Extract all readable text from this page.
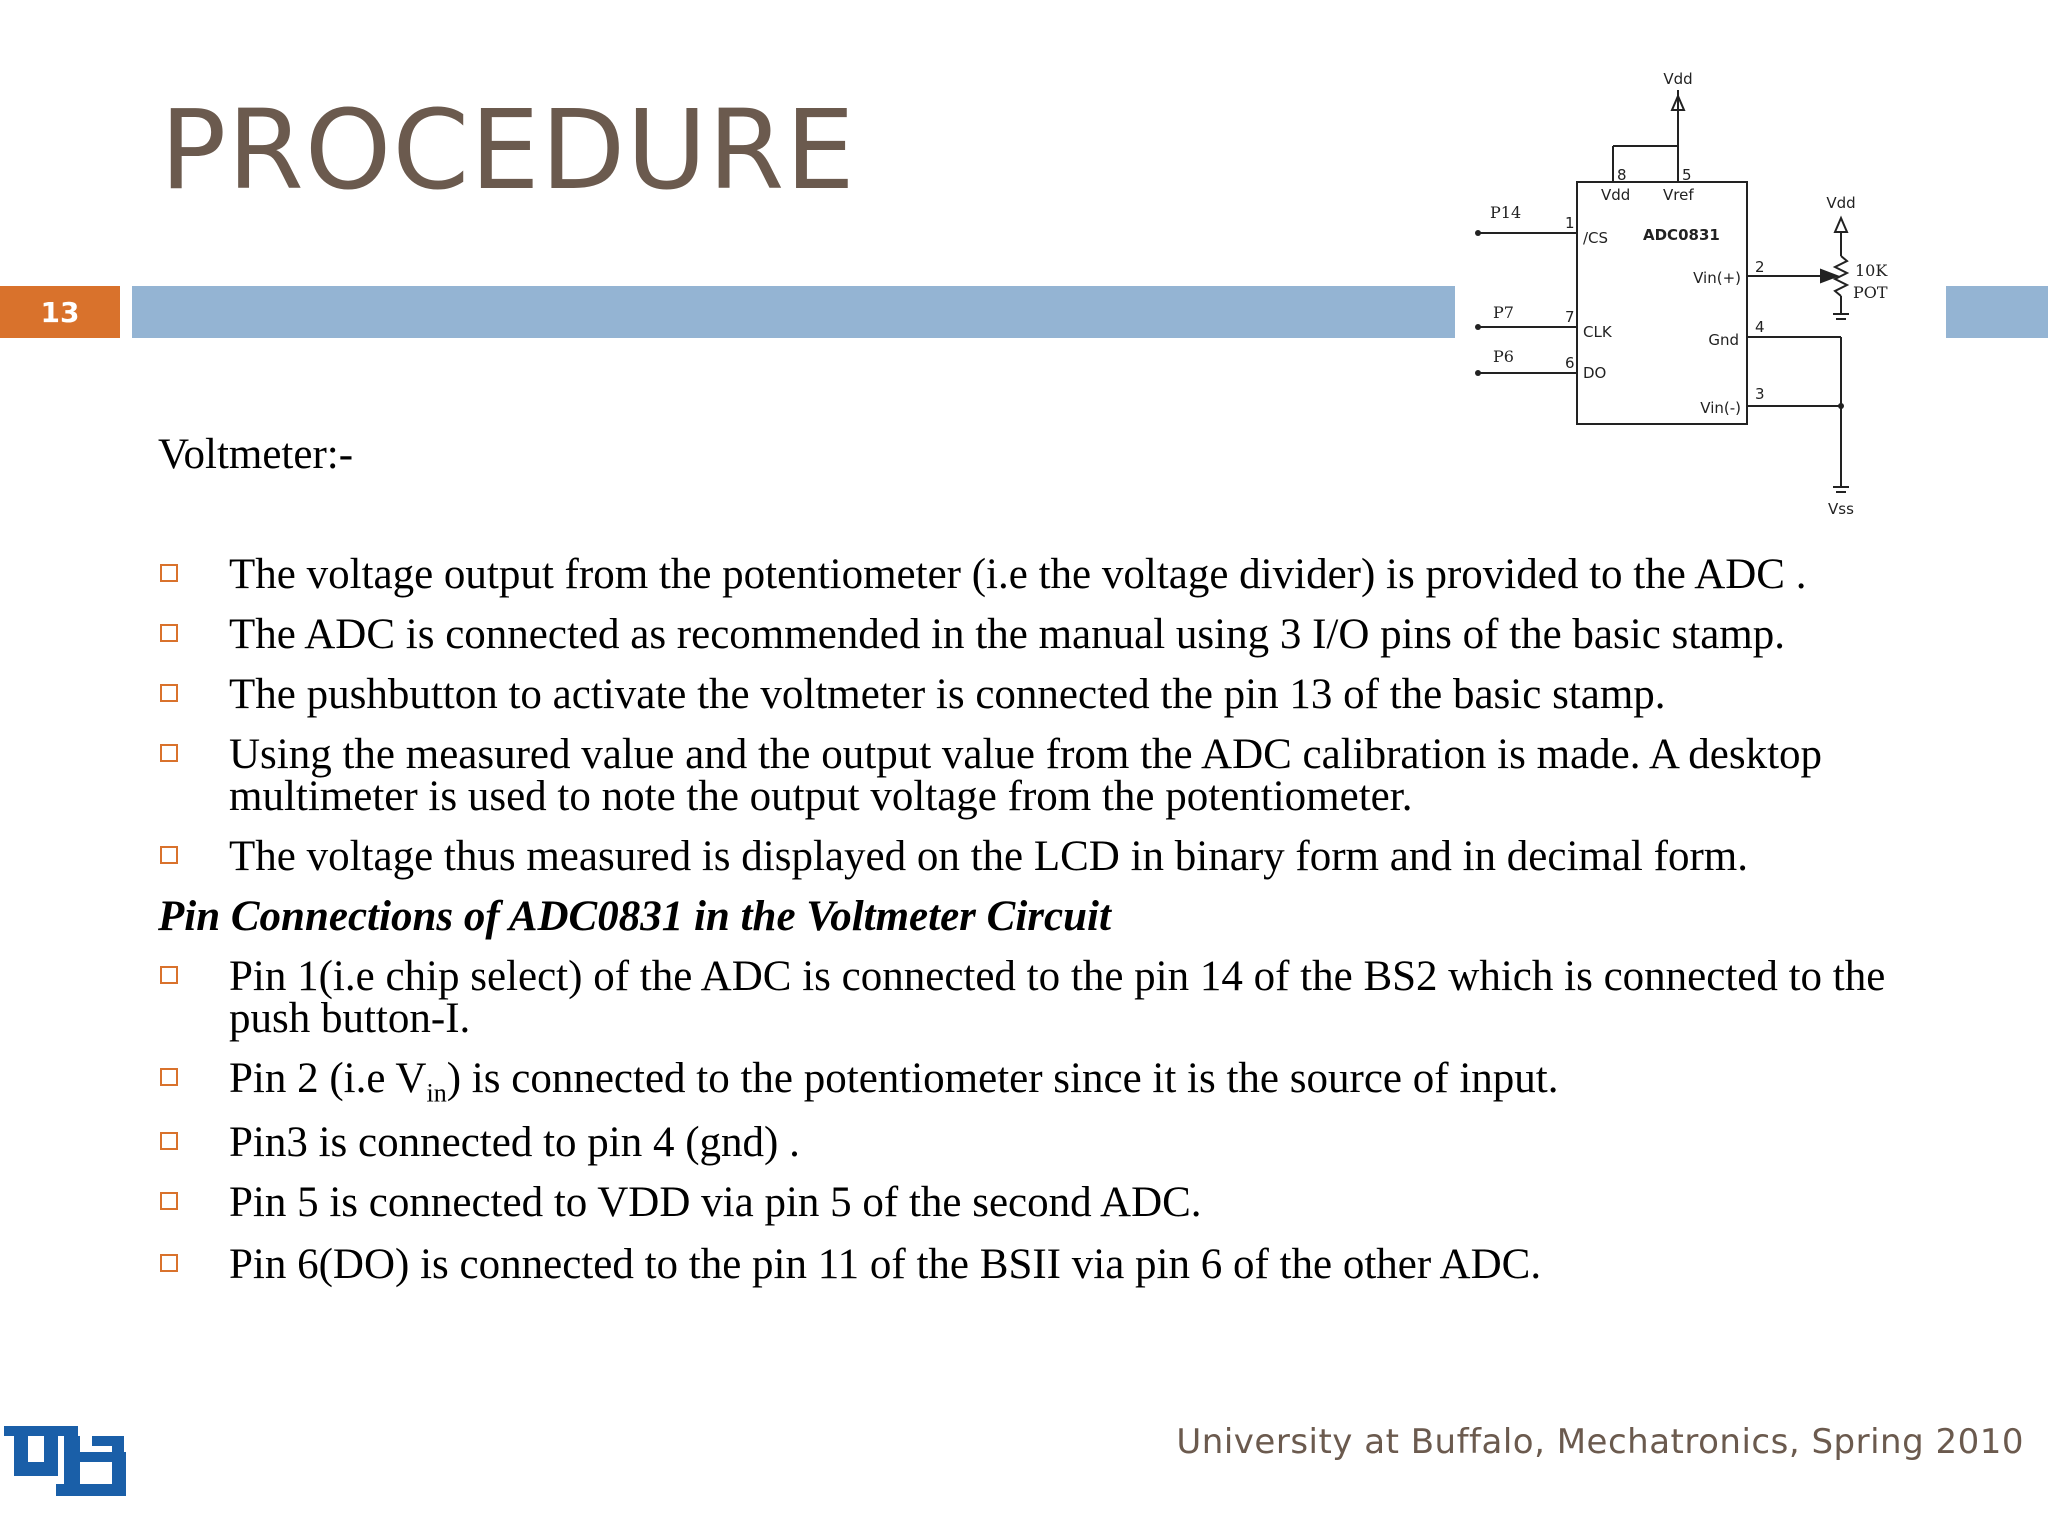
PROCEDURE
13
Vdd
8	5
Vdd Vref
ADC0831
/CS
CLK
DO
Vin(+)
Gnd
Vin(-)
1
7
6
2
4
3
Vdd
Vss
P14
P7
P6
10K
POT
Voltmeter:-
The voltage output from the potentiometer (i.e the voltage divider) is provided to the ADC .
The ADC is connected as recommended in the manual using 3 I/O pins of the basic stamp.
The pushbutton to activate the voltmeter is connected the pin 13 of the basic stamp.
Using the measured value and the output value from the ADC calibration is made. A desktop multimeter is used to note the output voltage from the potentiometer.
The voltage thus measured is displayed on the LCD in binary form and in decimal form.
Pin Connections of ADC0831 in the Voltmeter Circuit
Pin 1(i.e chip select) of the ADC is connected to the pin 14 of the BS2 which is connected to the push button-I.
Pin 2 (i.e $V_{in}$) is connected to the potentiometer since it is the source of input.
Pin3 is connected to pin 4 (gnd) .
Pin 5 is connected to VDD via pin 5 of the second ADC.
Pin 6(DO) is connected to the pin 11 of the BSII via pin 6 of the other ADC.
University at Buffalo, Mechatronics, Spring 2010
